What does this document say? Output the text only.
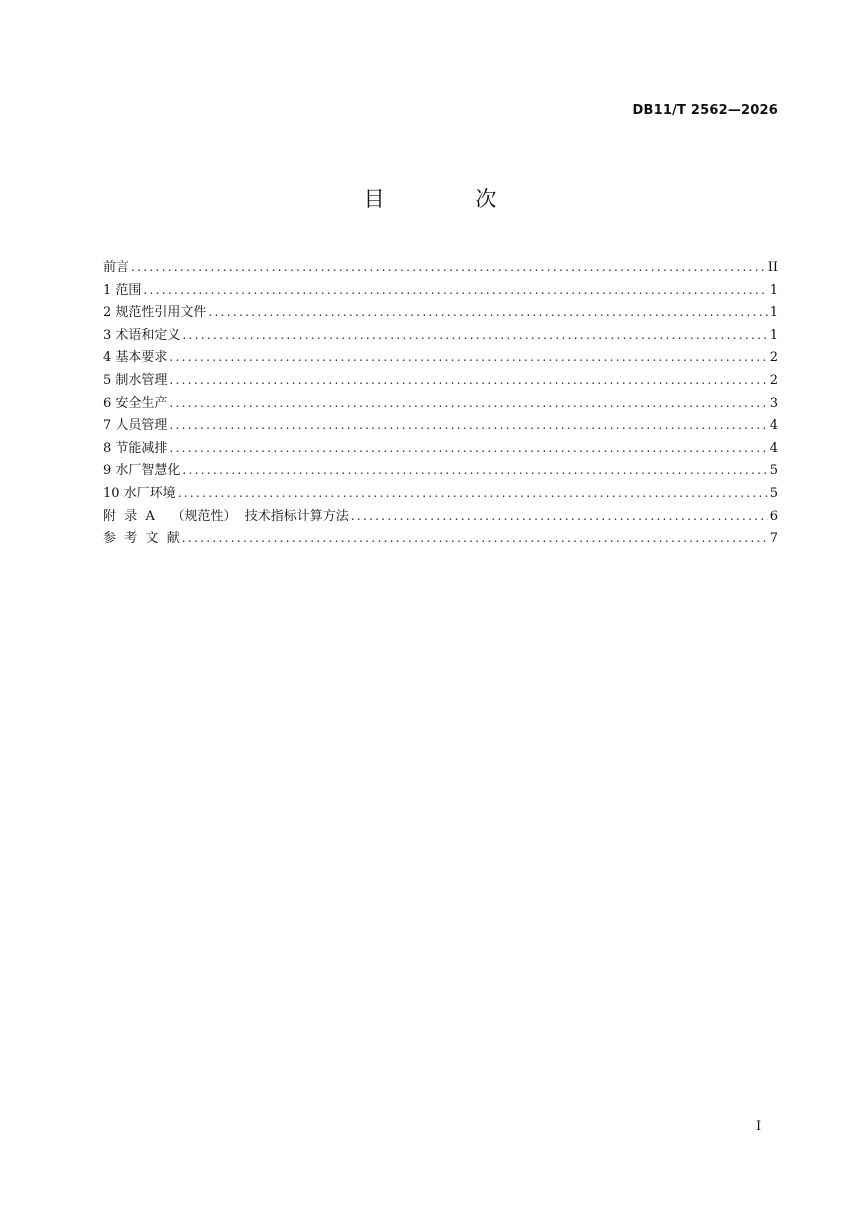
DB11/T 2562—2026
目 次
前言 .....	II
1 范围 .....	1
2 规范性引用文件 .....	1
3 术语和定义 .....	1
4 基本要求 .....	2
5 制水管理 .....	2
6 安全生产 .....	3
7 人员管理 .....	4
8 节能减排 .....	4
9 水厂智慧化 .....	5
10 水厂环境 .....	5
附  录  A    （规范性）  技术指标计算方法 .....	6
参  考  文  献 .....	7
I
